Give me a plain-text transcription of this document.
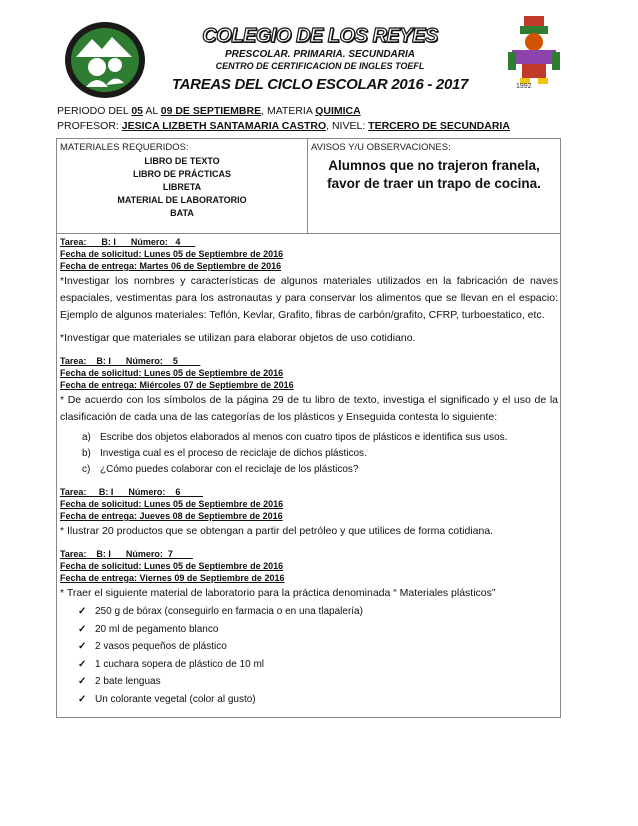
COLEGIO DE LOS REYES
PRESCOLAR. PRIMARIA. SECUNDARIA
CENTRO DE CERTIFICACION DE INGLES TOEFL
TAREAS DEL CICLO ESCOLAR 2016 - 2017	1992
PERIODO DEL 05 AL 09 DE SEPTIEMBRE, MATERIA QUIMICA
PROFESOR: JESICA LIZBETH SANTAMARIA CASTRO, NIVEL: TERCERO DE SECUNDARIA
MATERIALES REQUERIDOS:
LIBRO DE TEXTO
LIBRO DE PRÁCTICAS
LIBRETA
MATERIAL DE LABORATORIO
BATA
AVISOS Y/U OBSERVACIONES:
Alumnos que no trajeron franela, favor de traer un trapo de cocina.
Tarea:      B: I      Número:   4
Fecha de solicitud: Lunes 05 de Septiembre de 2016
Fecha de entrega: Martes 06 de Septiembre de 2016
*Investigar los nombres y características de algunos materiales utilizados en la fabricación de naves espaciales, vestimentas para los astronautas y para conservar los alimentos que se llevan en el espacio: Ejemplo de algunos materiales: Teflón, Kevlar, Grafito, fibras de carbón/grafito, CFRP, turboestatico, etc.
*Investigar que materiales se utilizan para elaborar objetos de uso cotidiano.
Tarea:    B: I      Número:    5
Fecha de solicitud: Lunes 05 de Septiembre de 2016
Fecha de entrega: Miércoles 07 de Septiembre de 2016
* De acuerdo con los símbolos de la página 29 de tu libro de texto, investiga el significado y el uso de la clasificación de cada una de las categorías de los plásticos y Enseguida contesta lo siguiente:
a) Escribe dos objetos elaborados al menos con cuatro tipos de plásticos e identifica sus usos.
b) Investiga cual es el proceso de reciclaje de dichos plásticos.
c) ¿Cómo puedes colaborar con el reciclaje de los plásticos?
Tarea:     B: I      Número:    6
Fecha de solicitud: Lunes 05 de Septiembre de 2016
Fecha de entrega: Jueves 08 de Septiembre de 2016
* Ilustrar 20 productos que se obtengan a partir del petróleo y que utilices de forma cotidiana.
Tarea:    B: I      Número:  7
Fecha de solicitud: Lunes 05 de Septiembre de 2016
Fecha de entrega: Viernes 09 de Septiembre de 2016
* Traer el siguiente material de laboratorio para la práctica denominada “ Materiales plásticos”
✓ 250 g de bórax (conseguirlo en farmacia o en una tlapalería)
✓ 20 ml de pegamento blanco
✓ 2 vasos pequeños de plástico
✓ 1 cuchara sopera de plástico de 10 ml
✓ 2 bate lenguas
✓ Un colorante vegetal (color al gusto)
